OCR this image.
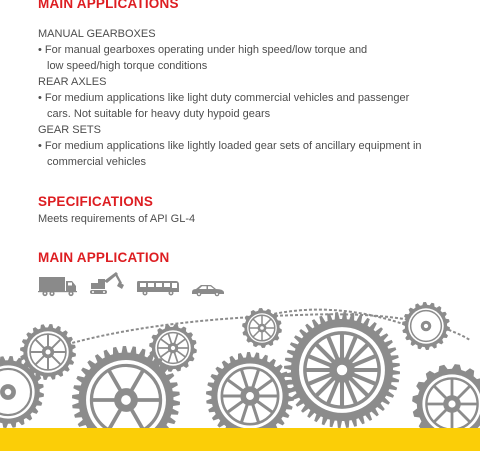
MAIN APPLICATIONS

MANUAL GEARBOXES

• For manual gearboxes operating under high speed/low torque and low speed/high torque conditions

REAR AXLES

• For medium applications like light duty commercial vehicles and passenger cars. Not suitable for heavy duty hypoid gears

GEAR SETS

• For medium applications like lightly loaded gear sets of ancillary equipment in commercial vehicles

SPECIFICATIONS

Meets requirements of API GL-4

MAIN APPLICATION
